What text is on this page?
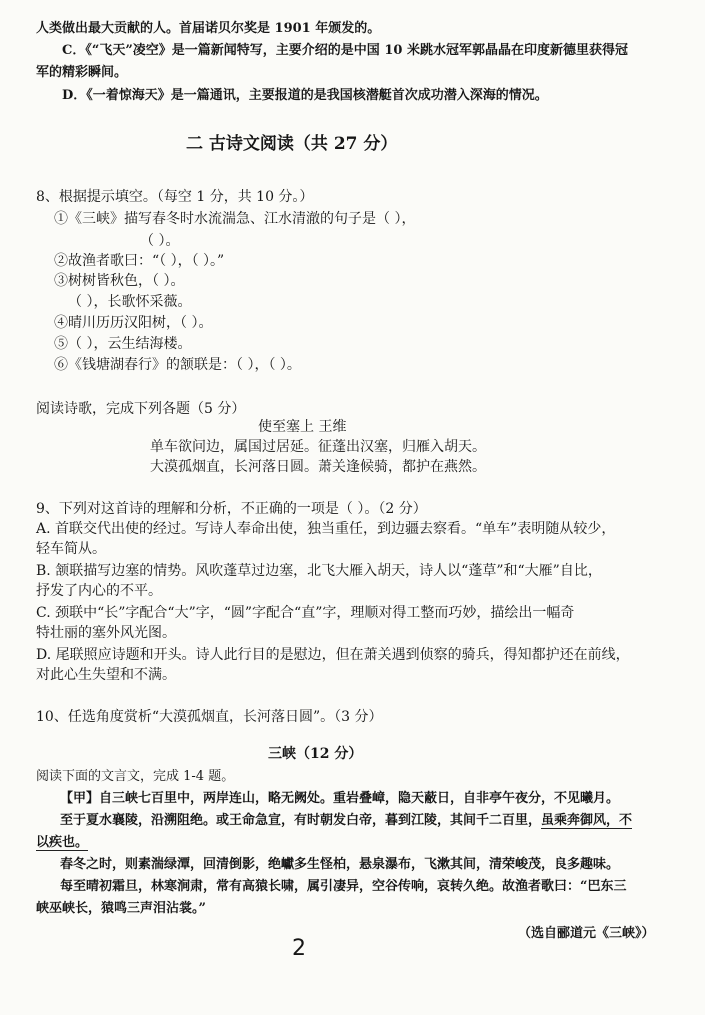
人类做出最大贡献的人。首届诺贝尔奖是 1901 年颁发的。
C．《“飞天”凌空》是一篇新闻特写，主要介绍的是中国 10 米跳水冠军郭晶晶在印度新德里获得冠
军的精彩瞬间。
D．《一着惊海天》是一篇通讯，主要报道的是我国核潜艇首次成功潜入深海的情况。
二 古诗文阅读（共 27 分）
8、根据提示填空。（每空 1 分，共 10 分。）
①《三峡》描写春冬时水流湍急、江水清澈的句子是（ ），
（ ）。
②故渔者歌曰：“（ ），（ ）。”
③树树皆秋色，（ ）。
（ ），长歌怀采薇。
④晴川历历汉阳树，（ ）。
⑤（ ），云生结海楼。
⑥《钱塘湖春行》的颔联是：（ ），（ ）。
阅读诗歌，完成下列各题（5 分）
使至塞上 王维
单车欲问边，属国过居延。征蓬出汉塞，归雁入胡天。
大漠孤烟直，长河落日圆。萧关逢候骑，都护在燕然。
9、下列对这首诗的理解和分析，不正确的一项是（ ）。（2 分）
A. 首联交代出使的经过。写诗人奉命出使，独当重任，到边疆去察看。“单车”表明随从较少，
轻车简从。
B. 颔联描写边塞的情势。风吹蓬草过边塞，北飞大雁入胡天，诗人以“蓬草”和“大雁”自比，
抒发了内心的不平。
C. 颈联中“长”字配合“大”字，“圆”字配合“直”字，理顺对得工整而巧妙，描绘出一幅奇
特壮丽的塞外风光图。
D. 尾联照应诗题和开头。诗人此行目的是慰边，但在萧关遇到侦察的骑兵，得知都护还在前线，
对此心生失望和不满。
10、任选角度赏析“大漠孤烟直，长河落日圆”。（3 分）
三峡（12 分）
阅读下面的文言文，完成 1-4 题。
【甲】自三峡七百里中，两岸连山，略无阙处。重岩叠嶂，隐天蔽日，自非亭午夜分，不见曦月。
至于夏水襄陵，沿溯阻绝。或王命急宣，有时朝发白帝，暮到江陵，其间千二百里，虽乘奔御风，不
以疾也。
春冬之时，则素湍绿潭，回清倒影，绝巘多生怪柏，悬泉瀑布，飞漱其间，清荣峻茂，良多趣味。
每至晴初霜旦，林寒涧肃，常有高猿长啸，属引凄异，空谷传响，哀转久绝。故渔者歌曰：“巴东三
峡巫峡长，猿鸣三声泪沾裳。”
（选自郦道元《三峡》）
2
